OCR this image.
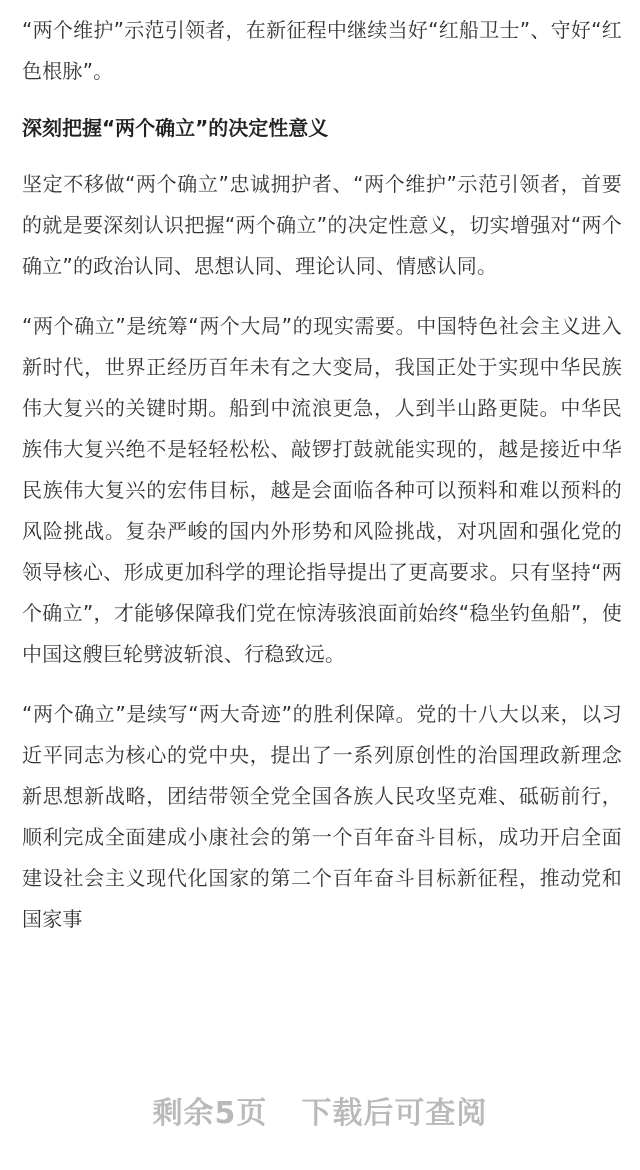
“两个维护”示范引领者，在新征程中继续当好“红船卫士”、守好“红色根脉”。

深刻把握“两个确立”的决定性意义

坚定不移做“两个确立”忠诚拥护者、“两个维护”示范引领者，首要的就是要深刻认识把握“两个确立”的决定性意义，切实增强对“两个确立”的政治认同、思想认同、理论认同、情感认同。

“两个确立”是统筹“两个大局”的现实需要。中国特色社会主义进入新时代，世界正经历百年未有之大变局，我国正处于实现中华民族伟大复兴的关键时期。船到中流浪更急，人到半山路更陡。中华民族伟大复兴绝不是轻轻松松、敲锣打鼓就能实现的，越是接近中华民族伟大复兴的宏伟目标，越是会面临各种可以预料和难以预料的风险挑战。复杂严峻的国内外形势和风险挑战，对巩固和强化党的领导核心、形成更加科学的理论指导提出了更高要求。只有坚持“两个确立”，才能够保障我们党在惊涛骇浪面前始终“稳坐钓鱼船”，使中国这艘巨轮劈波斩浪、行稳致远。

“两个确立”是续写“两大奇迹”的胜利保障。党的十八大以来，以习近平同志为核心的党中央，提出了一系列原创性的治国理政新理念新思想新战略，团结带领全党全国各族人民攻坚克难、砥砺前行，顺利完成全面建成小康社会的第一个百年奋斗目标，成功开启全面建设社会主义现代化国家的第二个百年奋斗目标新征程，推动党和国家事

剩余5页 下载后可查阅
